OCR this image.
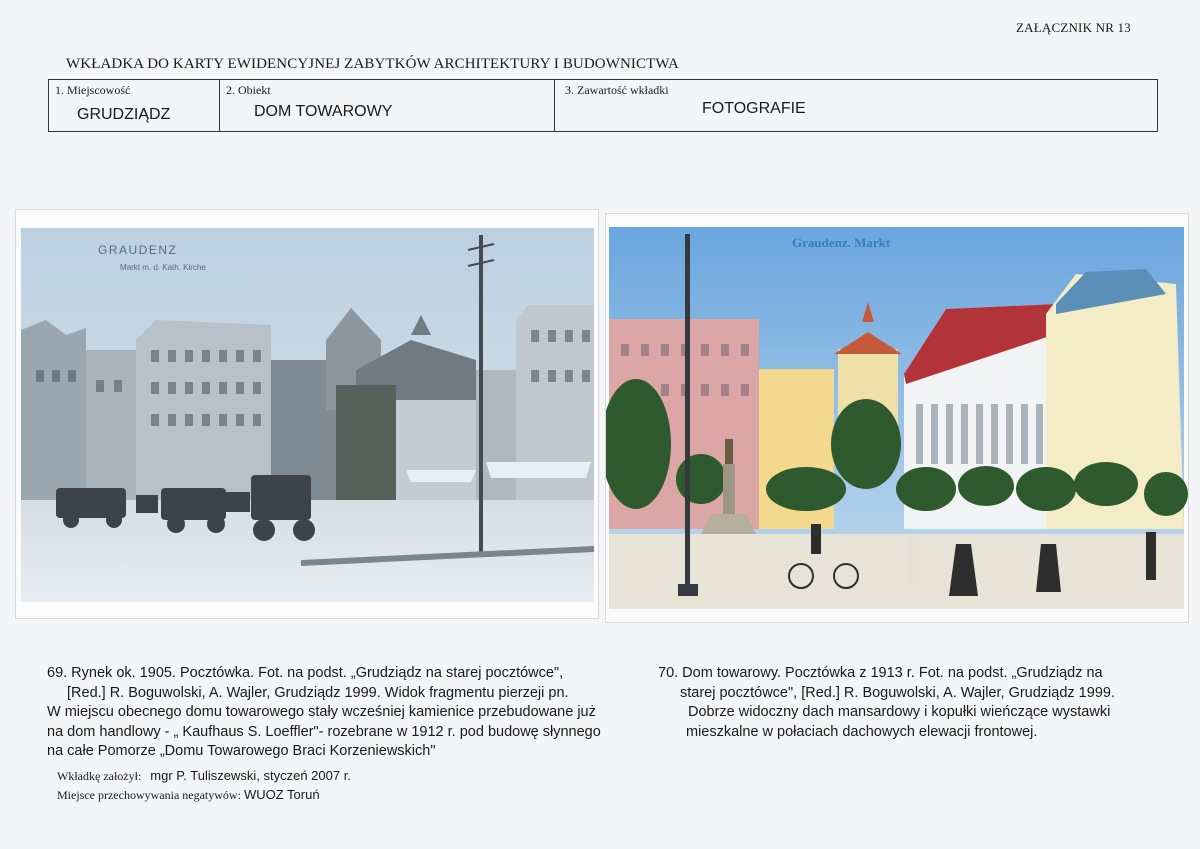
ZAŁĄCZNIK NR 13
WKŁADKA DO KARTY EWIDENCYJNEJ ZABYTKÓW ARCHITEKTURY I BUDOWNICTWA
1. Miejscowość
GRUDZIĄDZ
2. Obiekt
DOM TOWAROWY
3. Zawartość wkładki
FOTOGRAFIE
GRAUDENZ
Markt m. d. Kath. Kirche
Graudenz. Markt
69. Rynek ok. 1905. Pocztówka. Fot. na podst. „Grudziądz na starej pocztówce",
[Red.] R. Boguwolski, A. Wajler, Grudziądz 1999. Widok fragmentu pierzeji pn.
W miejscu obecnego domu towarowego stały wcześniej kamienice przebudowane już
na dom handlowy - „ Kaufhaus S. Loeffler"- rozebrane w 1912 r. pod budowę słynnego
na całe Pomorze „Domu Towarowego Braci Korzeniewskich"
70. Dom towarowy. Pocztówka z 1913 r. Fot. na podst. „Grudziądz na
starej pocztówce", [Red.] R. Boguwolski, A. Wajler, Grudziądz 1999.
Dobrze widoczny dach mansardowy i kopułki wieńczące wystawki
mieszkalne w połaciach dachowych elewacji frontowej.
Wkładkę założył: mgr P. Tuliszewski, styczeń 2007 r.
Miejsce przechowywania negatywów: WUOZ Toruń
